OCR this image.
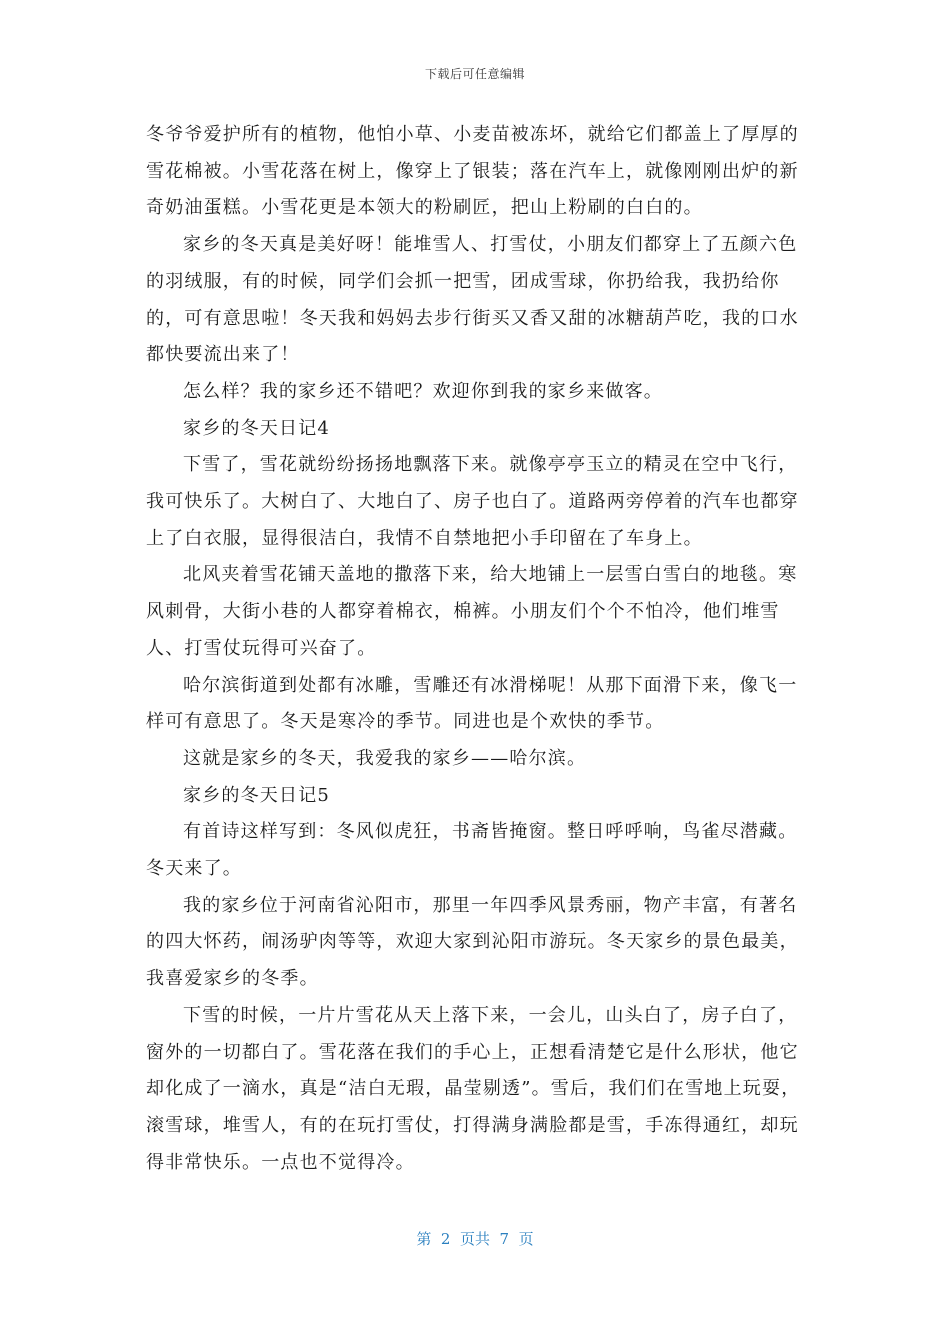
下载后可任意编辑

冬爷爷爱护所有的植物，他怕小草、小麦苗被冻坏，就给它们都盖上了厚厚的雪花棉被。小雪花落在树上，像穿上了银装；落在汽车上，就像刚刚出炉的新奇奶油蛋糕。小雪花更是本领大的粉刷匠，把山上粉刷的白白的。

家乡的冬天真是美好呀！能堆雪人、打雪仗，小朋友们都穿上了五颜六色的羽绒服，有的时候，同学们会抓一把雪，团成雪球，你扔给我，我扔给你的，可有意思啦！冬天我和妈妈去步行街买又香又甜的冰糖葫芦吃，我的口水都快要流出来了！

怎么样？我的家乡还不错吧？欢迎你到我的家乡来做客。

家乡的冬天日记4

下雪了，雪花就纷纷扬扬地飘落下来。就像亭亭玉立的精灵在空中飞行，我可快乐了。大树白了、大地白了、房子也白了。道路两旁停着的汽车也都穿上了白衣服，显得很洁白，我情不自禁地把小手印留在了车身上。

北风夹着雪花铺天盖地的撒落下来，给大地铺上一层雪白雪白的地毯。寒风刺骨，大街小巷的人都穿着棉衣，棉裤。小朋友们个个不怕冷，他们堆雪人、打雪仗玩得可兴奋了。

哈尔滨街道到处都有冰雕，雪雕还有冰滑梯呢！从那下面滑下来，像飞一样可有意思了。冬天是寒冷的季节。同进也是个欢快的季节。

这就是家乡的冬天，我爱我的家乡——哈尔滨。

家乡的冬天日记5

有首诗这样写到：冬风似虎狂，书斋皆掩窗。整日呼呼响，鸟雀尽潜藏。冬天来了。

我的家乡位于河南省沁阳市，那里一年四季风景秀丽，物产丰富，有著名的四大怀药，闹汤驴肉等等，欢迎大家到沁阳市游玩。冬天家乡的景色最美，我喜爱家乡的冬季。

下雪的时候，一片片雪花从天上落下来，一会儿，山头白了，房子白了，窗外的一切都白了。雪花落在我们的手心上，正想看清楚它是什么形状，他它却化成了一滴水，真是“洁白无瑕，晶莹剔透”。雪后，我们们在雪地上玩耍，滚雪球，堆雪人，有的在玩打雪仗，打得满身满脸都是雪，手冻得通红，却玩得非常快乐。一点也不觉得冷。

第  2  页共  7  页
